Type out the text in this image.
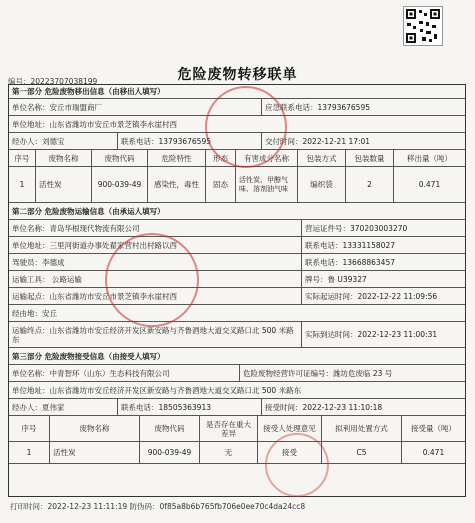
危险废物转移联单
编号：20223707038199
第一部分 危险废物移出信息（由移出人填写）
单位名称：安丘市瑞盟商厂	应急联系电话：13793676595
单位地址：山东省潍坊市安丘市景芝镇李水崖村西
经办人：刘德宝	联系电话：13793676595	交付时间：2022-12-21 17:01
序号	废物名称	废物代码	危险特性	形态	有害成分名称	包装方式	包装数量	移出量（吨）
1	活性炭	900-039-49	感染性，毒性	固态	活性炭、甲醇气味、溶剂油气味	编织袋	2	0.471
第二部分 危险废物运输信息（由承运人填写）
单位名称：青岛华根现代物流有限公司	营运证件号：370203003270
单位地址：三里河街道办事处翟家营村出村路以西	联系电话：13331158027
驾驶员：李德成	联系电话：13668863457
运输工具： 公路运输	牌号：鲁 U39327
运输起点：山东省潍坊市安丘市景芝镇李水崖村西	实际起运时间：2022-12-22 11:09:56
经由地：安丘
运输终点：山东省潍坊市安丘经济开发区新安路与齐鲁酒地大道交叉路口北 500 米路东	实际到达时间：2022-12-23 11:00:31
第三部分 危险废物接受信息（由接受人填写）
单位名称：中青智环（山东）生态科技有限公司	危险废物经营许可证编号：潍坊危废临 23 号
单位地址：山东省潍坊市安丘经济开发区新安路与齐鲁酒地大道交叉路口北 500 米路东
经办人：夏伟家	联系电话：18505363913	接受时间：2022-12-23 11:10:18
序号	废物名称	废物代码	是否存在重大差异	接受人处理意见	拟利用处置方式	接受量（吨）
1	活性炭	900-039-49	无	接受	C5	0.471
打印时间：2022-12-23 11:11:19 防伪码：0f85a8b6b765fb706e0ee70c4da24cc8
